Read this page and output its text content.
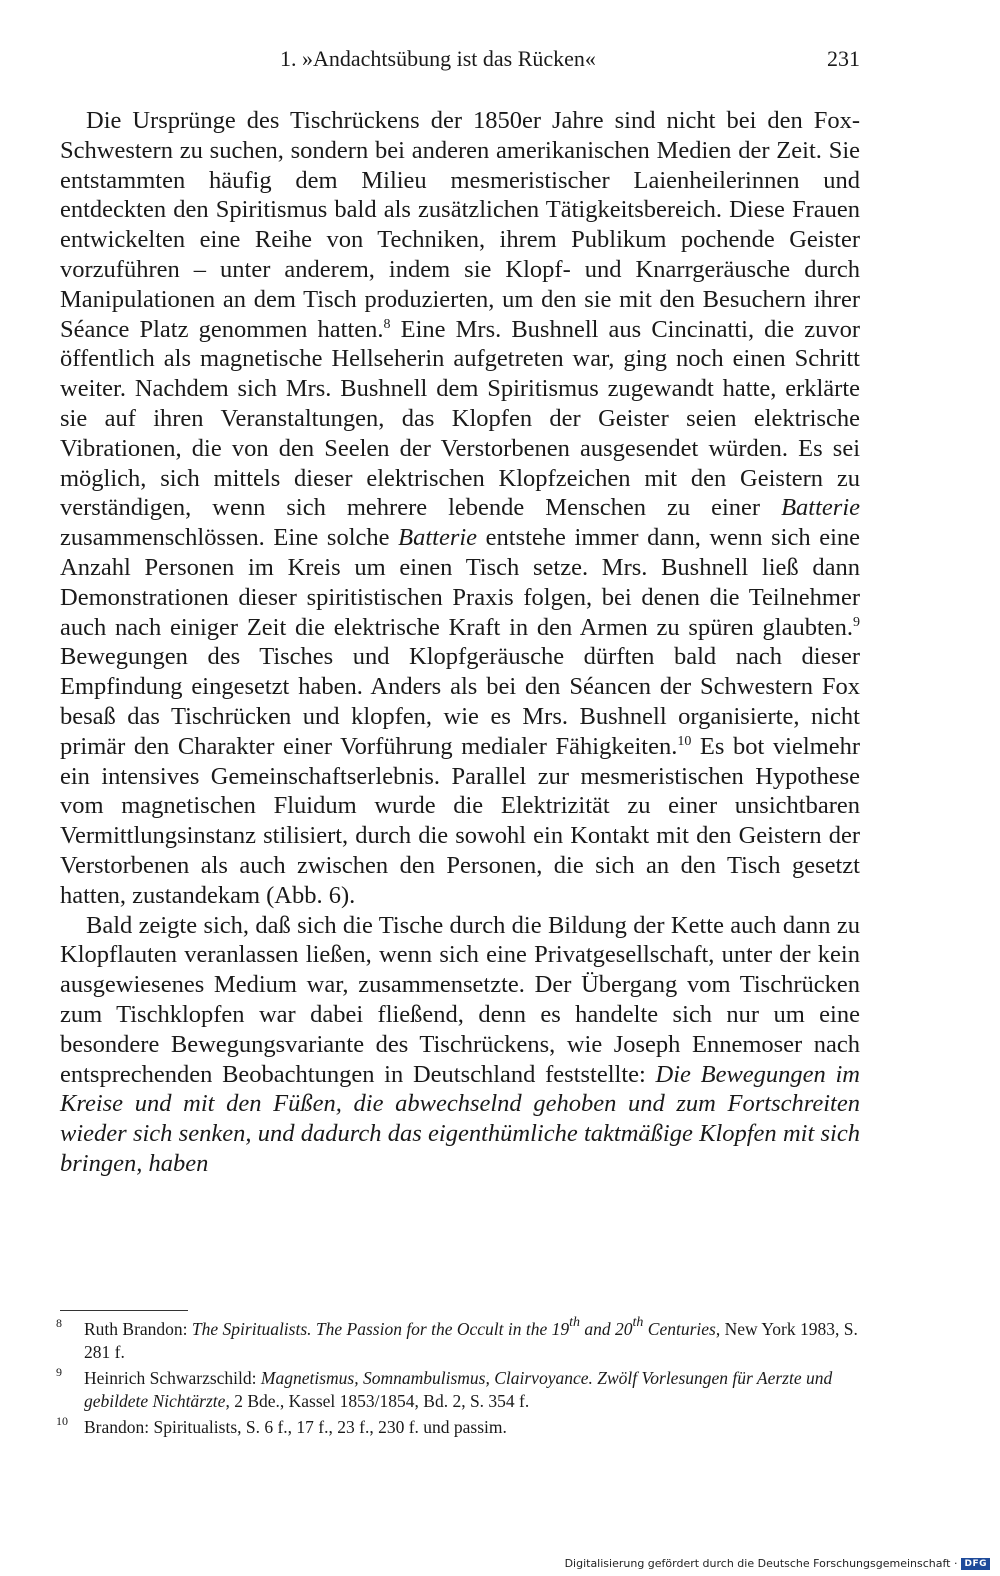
1. »Andachtsübung ist das Rücken«	231

Die Ursprünge des Tischrückens der 1850er Jahre sind nicht bei den Fox-Schwestern zu suchen, sondern bei anderen amerikanischen Medien der Zeit. Sie entstammten häufig dem Milieu mesmeristischer Laienheilerinnen und entdeckten den Spiritismus bald als zusätzlichen Tätigkeitsbereich. Diese Frauen entwickelten eine Reihe von Techniken, ihrem Publikum pochende Geister vorzuführen – unter anderem, indem sie Klopf- und Knarrgeräusche durch Manipulationen an dem Tisch produzierten, um den sie mit den Besuchern ihrer Séance Platz genommen hatten.$^8$ Eine Mrs. Bushnell aus Cincinatti, die zuvor öffentlich als magnetische Hellseherin aufgetreten war, ging noch einen Schritt weiter. Nachdem sich Mrs. Bushnell dem Spiritismus zugewandt hatte, erklärte sie auf ihren Veranstaltungen, das Klopfen der Geister seien elektrische Vibrationen, die von den Seelen der Verstorbenen ausgesendet würden. Es sei möglich, sich mittels dieser elektrischen Klopfzeichen mit den Geistern zu verständigen, wenn sich mehrere lebende Menschen zu einer Batterie zusammenschlössen. Eine solche Batterie entstehe immer dann, wenn sich eine Anzahl Personen im Kreis um einen Tisch setze. Mrs. Bushnell ließ dann Demonstrationen dieser spiritistischen Praxis folgen, bei denen die Teilnehmer auch nach einiger Zeit die elektrische Kraft in den Armen zu spüren glaubten.$^9$ Bewegungen des Tisches und Klopfgeräusche dürften bald nach dieser Empfindung eingesetzt haben. Anders als bei den Séancen der Schwestern Fox besaß das Tischrücken und klopfen, wie es Mrs. Bushnell organisierte, nicht primär den Charakter einer Vorführung medialer Fähigkeiten.$^{10}$ Es bot vielmehr ein intensives Gemeinschaftserlebnis. Parallel zur mesmeristischen Hypothese vom magnetischen Fluidum wurde die Elektrizität zu einer unsichtbaren Vermittlungsinstanz stilisiert, durch die sowohl ein Kontakt mit den Geistern der Verstorbenen als auch zwischen den Personen, die sich an den Tisch gesetzt hatten, zustandekam (Abb. 6).

Bald zeigte sich, daß sich die Tische durch die Bildung der Kette auch dann zu Klopflauten veranlassen ließen, wenn sich eine Privatgesellschaft, unter der kein ausgewiesenes Medium war, zusammensetzte. Der Übergang vom Tischrücken zum Tischklopfen war dabei fließend, denn es handelte sich nur um eine besondere Bewegungsvariante des Tischrückens, wie Joseph Ennemoser nach entsprechenden Beobachtungen in Deutschland feststellte: Die Bewegungen im Kreise und mit den Füßen, die abwechselnd gehoben und zum Fortschreiten wieder sich senken, und dadurch das eigenthümliche taktmäßige Klopfen mit sich bringen, haben

8 Ruth Brandon: The Spiritualists. The Passion for the Occult in the 19th and 20th Centuries, New York 1983, S. 281 f.
9 Heinrich Schwarzschild: Magnetismus, Somnambulismus, Clairvoyance. Zwölf Vorlesungen für Aerzte und gebildete Nichtärzte, 2 Bde., Kassel 1853/1854, Bd. 2, S. 354 f.
10 Brandon: Spiritualists, S. 6 f., 17 f., 23 f., 230 f. und passim.
Digitalisierung gefördert durch die Deutsche Forschungsgemeinschaft · DFG
